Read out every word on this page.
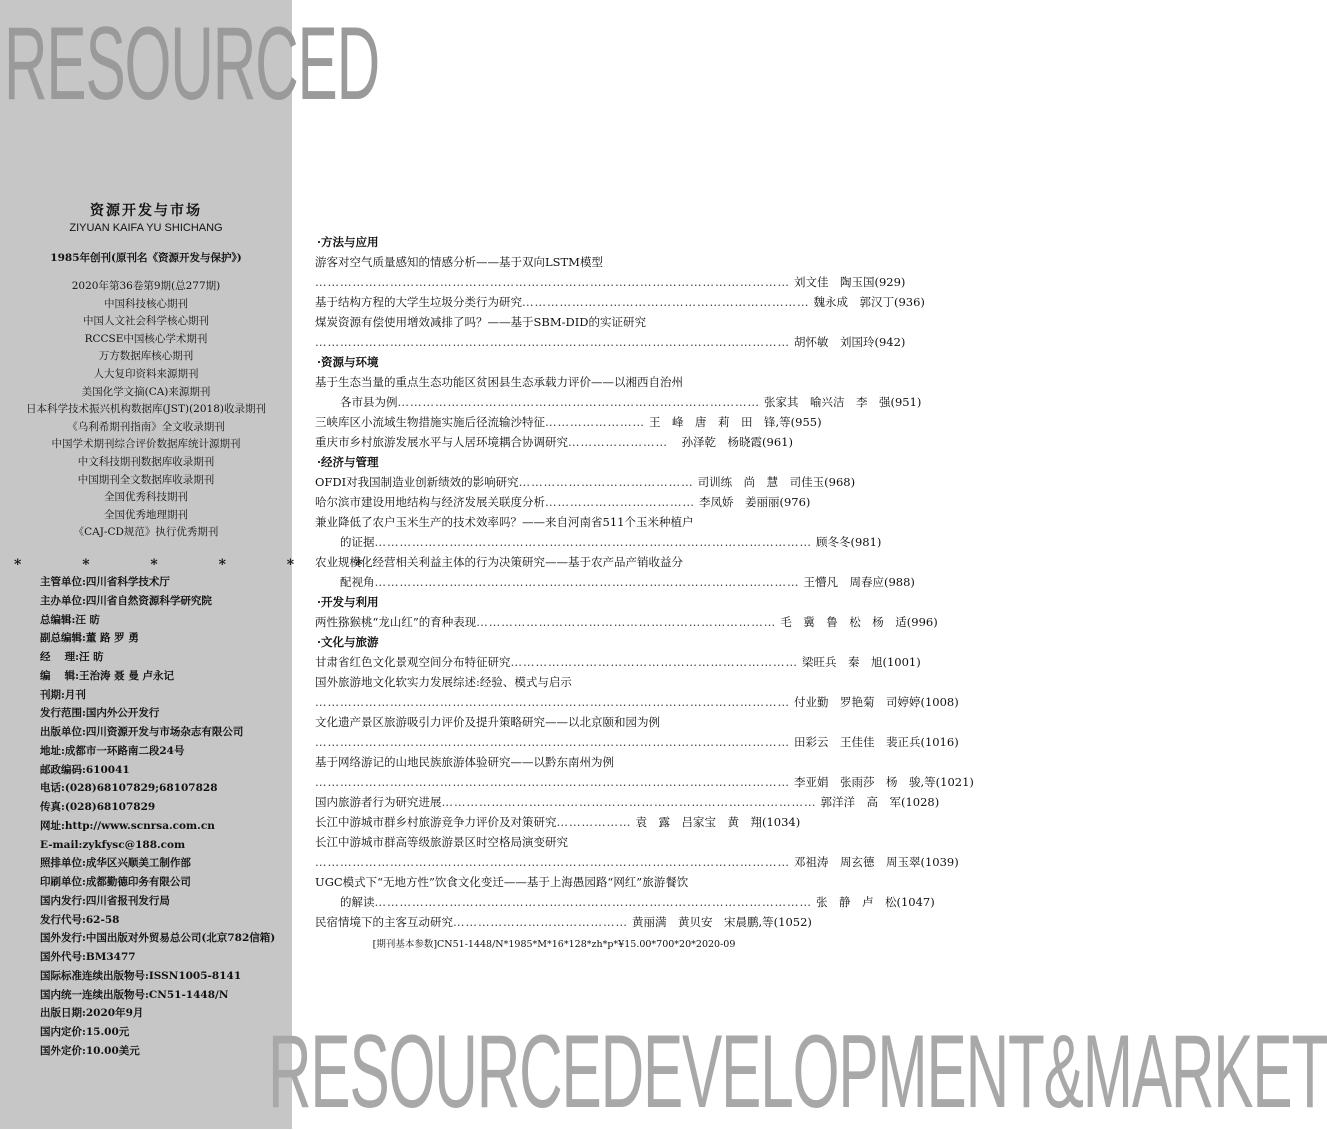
RESOURCEDEVELOPMENT&MARKET
资源开发与市场
ZIYUAN KAIFA YU SHICHANG
1985年创刊(原刊名《资源开发与保护》)
2020年第36卷第9期(总277期)
中国科技核心期刊
中国人文社会科学核心期刊
RCCSE中国核心学术期刊
万方数据库核心期刊
人大复印资料来源期刊
美国化学文摘(CA)来源期刊
日本科学技术振兴机构数据库(JST)(2018)收录期刊
《乌利希期刊指南》全文收录期刊
中国学术期刊综合评价数据库统计源期刊
中文科技期刊数据库收录期刊
中国期刊全文数据库收录期刊
全国优秀科技期刊
全国优秀地理期刊
《CAJ-CD规范》执行优秀期刊
* * * * * *
主管单位:四川省科学技术厅
主办单位:四川省自然资源科学研究院
总编辑:汪 昉
副总编辑:董 路 罗 勇
经　 理:汪 昉
编　 辑:王治涛 聂 曼 卢永记
刊期:月刊
发行范围:国内外公开发行
出版单位:四川资源开发与市场杂志有限公司
地址:成都市一环路南二段24号
邮政编码:610041
电话:(028)68107829;68107828
传真:(028)68107829
网址:http://www.scnrsa.com.cn
E-mail:zykfysc@188.com
照排单位:成华区兴顺美工制作部
印刷单位:成都勤德印务有限公司
国内发行:四川省报刊发行局
发行代号:62-58
国外发行:中国出版对外贸易总公司(北京782信箱)
国外代号:BM3477
国际标准连续出版物号:ISSN1005-8141
国内统一连续出版物号:CN51-1448/N
出版日期:2020年9月
国内定价:15.00元
国外定价:10.00美元
·方法与应用
游客对空气质量感知的情感分析——基于双向LSTM模型
…………………………………………………………………………………………………… 刘文佳　陶玉国(929)
基于结构方程的大学生垃圾分类行为研究 …………………………………………………………… 魏永成　郭汉丁(936)
煤炭资源有偿使用增效减排了吗？——基于SBM-DID的实证研究
…………………………………………………………………………………………………… 胡怀敏　刘国玲(942)
·资源与环境
基于生态当量的重点生态功能区贫困县生态承载力评价——以湘西自治州
各市县为例 …………………………………………………………………………… 张家其　喻兴洁　李　强(951)
三峡库区小流域生物措施实施后径流输沙特征 …………………… 王　峰　唐　莉　田　锋,等(955)
重庆市乡村旅游发展水平与人居环境耦合协调研究 ……………………	孙泽乾　杨晓霞(961)
·经济与管理
OFDI对我国制造业创新绩效的影响研究 …………………………………… 司训练　尚　慧　司佳玉(968)
哈尔滨市建设用地结构与经济发展关联度分析 ……………………………… 李凤娇　姜丽丽(976)
兼业降低了农户玉米生产的技术效率吗？——来自河南省511个玉米种植户
的证据 …………………………………………………………………………………………… 顾冬冬(981)
农业规模化经营相关利益主体的行为决策研究——基于农产品产销收益分
配视角 ………………………………………………………………………………………… 王懵凡　周春应(988)
·开发与利用
两性猕猴桃“龙山红”的育种表现 ……………………………………………………………… 毛　冀　鲁　松　杨　适(996)
·文化与旅游
甘肃省红色文化景观空间分布特征研究 …………………………………………………………… 梁旺兵　秦　旭(1001)
国外旅游地文化软实力发展综述:经验、模式与启示
…………………………………………………………………………………………………… 付业勤　罗艳菊　司婷婷(1008)
文化遗产景区旅游吸引力评价及提升策略研究——以北京颐和园为例
…………………………………………………………………………………………………… 田彩云　王佳佳　裴正兵(1016)
基于网络游记的山地民族旅游体验研究——以黔东南州为例
…………………………………………………………………………………………………… 李亚娟　张雨莎　杨　骏,等(1021)
国内旅游者行为研究进展 ……………………………………………………………………………… 郭洋洋　高　军(1028)
长江中游城市群乡村旅游竞争力评价及对策研究 ……………… 袁　露　吕家宝　黄　翔(1034)
长江中游城市群高等级旅游景区时空格局演变研究
…………………………………………………………………………………………………… 邓祖涛　周玄德　周玉翠(1039)
UGC模式下“无地方性”饮食文化变迁——基于上海愚园路“网红”旅游餐饮
的解读 …………………………………………………………………………………………… 张　静　卢　松(1047)
民宿情境下的主客互动研究 …………………………………… 黄丽满　黄贝安　宋晨鹏,等(1052)
[期刊基本参数]CN51-1448/N*1985*M*16*128*zh*p*¥15.00*700*20*2020-09
RESOURCEDEVELOPMENT&MARKET
